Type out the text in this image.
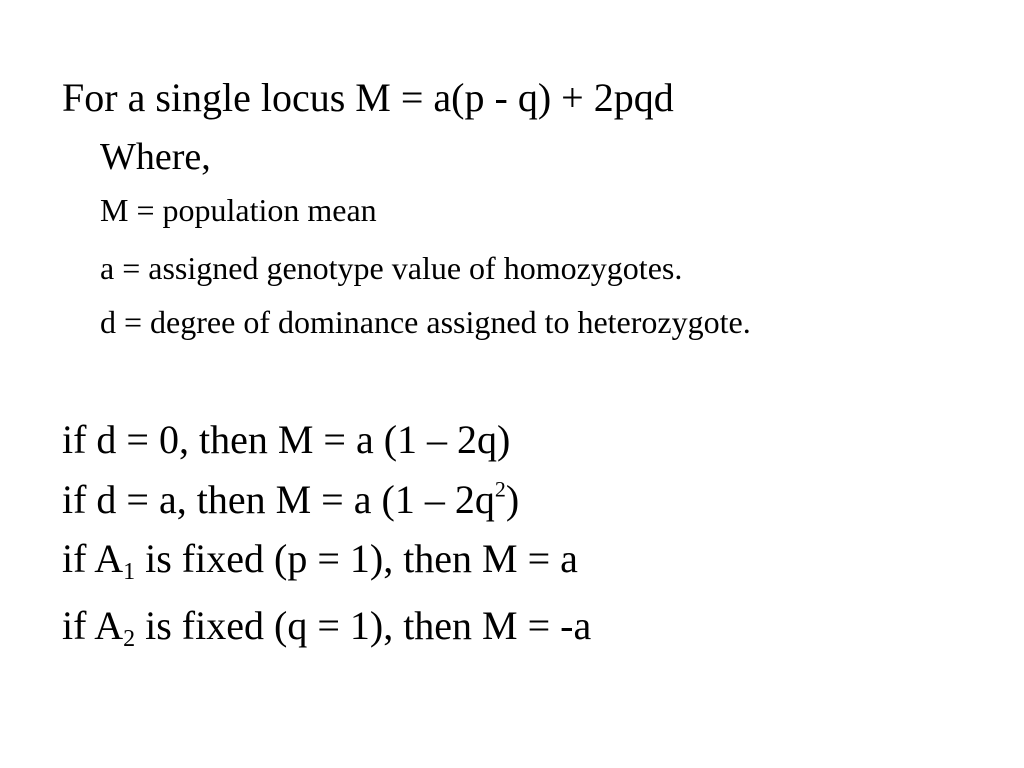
For a single locus M = a(p - q) + 2pqd
Where,
M = population mean
a = assigned genotype value of homozygotes.
d = degree of dominance assigned to heterozygote.
if d = 0, then M = a (1 – 2q)
if d = a, then M = a $(1 - 2q^2)$
if $A_1$ is fixed (p = 1), then M = a
if $A_2$ is fixed (q = 1), then M = -a
